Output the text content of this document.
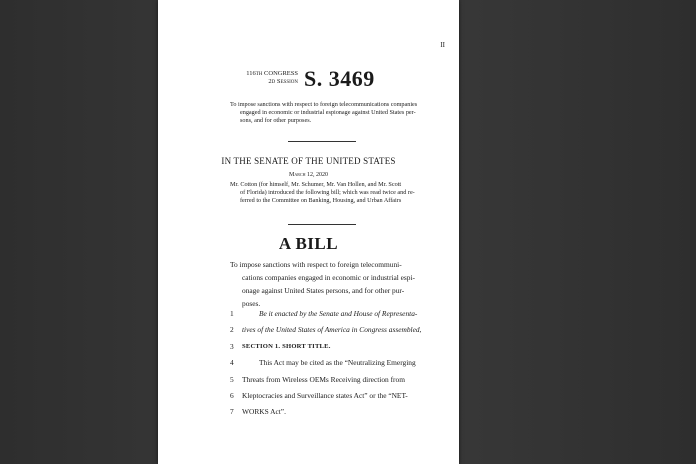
II
116th CONGRESS
2d Session S. 3469
To impose sanctions with respect to foreign telecommunications companies
engaged in economic or industrial espionage against United States per-
sons, and for other purposes.
IN THE SENATE OF THE UNITED STATES
March 12, 2020
Mr. Cotton (for himself, Mr. Schumer, Mr. Van Hollen, and Mr. Scott
of Florida) introduced the following bill; which was read twice and re-
ferred to the Committee on Banking, Housing, and Urban Affairs
A BILL
To impose sanctions with respect to foreign telecommuni-
cations companies engaged in economic or industrial espi-
onage against United States persons, and for other pur-
poses.
1	Be it enacted by the Senate and House of Representa-
2	tives of the United States of America in Congress assembled,
3	SECTION 1. SHORT TITLE.
4	This Act may be cited as the “Neutralizing Emerging
5	Threats from Wireless OEMs Receiving direction from
6	Kleptocracies and Surveillance states Act” or the “NET-
7	WORKS Act”.
